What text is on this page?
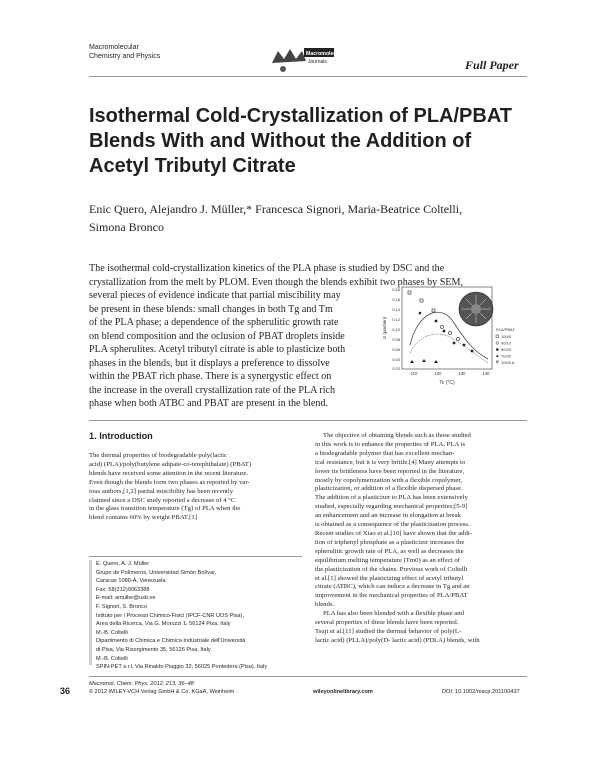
Macromolecular
Chemistry and Physics	Macromolecular
Journals	Full Paper
Isothermal Cold-Crystallization of PLA/PBAT
Blends With and Without the Addition of
Acetyl Tributyl Citrate
Enic Quero, Alejandro J. Müller,* Francesca Signori, Maria-Beatrice Coltelli,
Simona Bronco
The isothermal cold-crystallization kinetics of the PLA phase is studied by DSC and the
crystallization from the melt by PLOM. Even though the blends exhibit two phases by SEM,
several pieces of evidence indicate that partial miscibility may
be present in these blends: small changes in both Tg and Tm
of the PLA phase; a dependence of the spherulitic growth rate
on blend composition and the oclusion of PBAT droplets inside
PLA spherulites. Acetyl tributyl citrate is able to plasticize both
phases in the blends, but it displays a preference to dissolve
within the PBAT rich phase. There is a synergystic effect on
the increase in the overall crystallization rate of the PLA rich
phase when both ATBC and PBAT are present in the blend.
0.18
0.16
0.14
0.12
0.10
0.08
0.06
0.04
0.02
110	120	130	140
Tc (°C)
G (µm/min)	PLA/PBAT
100/0
90/10
80/20
70/30
100/0 A
1. Introduction
The thermal properties of biodegradable poly(lactic
acid) (PLA)/poly(butylene adipate-co-terephthalate) (PBAT)
blends have received some attention in the recent literature.
Even though the blends form two phases as reported by var-
ious authors,[1,2] partial miscibility has been recently
claimed since a DSC study reported a decrease of 4 °C
in the glass transition temperature (Tg) of PLA when the
blend contains 60% by weight PBAT.[1]
E. Quero, A. J. Müller
Grupo de Polímeros, Universidad Simón Bolívar,
Caracas 1080-A, Venezuela
Fax: 58(212)9063388
E-mail: amuller@usb.ve
F. Signori, S. Bronco
Istituto per i Processi Chimico-Fisici (IPCF-CNR UOS Pisa),
Area della Ricerca, Via G. Moruzzi 1, 56124 Pisa, Italy
M.-B. Coltelli
Dipartimento di Chimica e Chimica Industriale dell'Università
di Pisa, Via Risorgimento 35, 56126 Pisa, Italy
M.-B. Coltelli
SPIN-PET s.r.l, Via Rinaldo Piaggio 32, 56025 Pontedera (Pisa), Italy
The objective of obtaining blends such as those studied
in this work is to enhance the properties of PLA. PLA is
a biodegradable polymer that has excellent mechan-
ical resistance, but it is very brittle.[4] Many attempts to
lower its brittleness have been reported in the literature,
mostly by copolymerization with a flexible copolymer,
plasticization, or addition of a flexible dispersed phase.
The addition of a plasticizer to PLA has been extensively
studied, especially regarding mechanical properties;[5-9]
an enhancement and an increase in elongation at break
is obtained as a consequence of the plasticization process.
Recent studies of Xiao et al.[10] have shown that the addi-
tion of triphenyl phosphate as a plasticizer increases the
spherulitic growth rate of PLA, as well as decreases the
equilibrium melting temperature (Tm0) as an effect of
the plasticization of the chains. Previous work of Coltelli
et al.[1] showed the plasticizing effect of acetyl tributyl
citrate (ATBC), which can induce a decrease in Tg and an
improvement in the mechanical properties of PLA/PBAT
blends.
PLA has also been blended with a flexible phase and
several properties of these blends have been reported.
Tsuji et al.[11] studied the thermal behavior of poly(L-
lactic acid) (PLLA)/poly(D- lactic acid) (PDLA) blends, with
36
Macromol. Chem. Phys. 2012, 213, 36–48
© 2012 WILEY-VCH Verlag GmbH & Co. KGaA, Weinheim	wileyonlinelibrary.com	DOI: 10.1002/macp.201100437
